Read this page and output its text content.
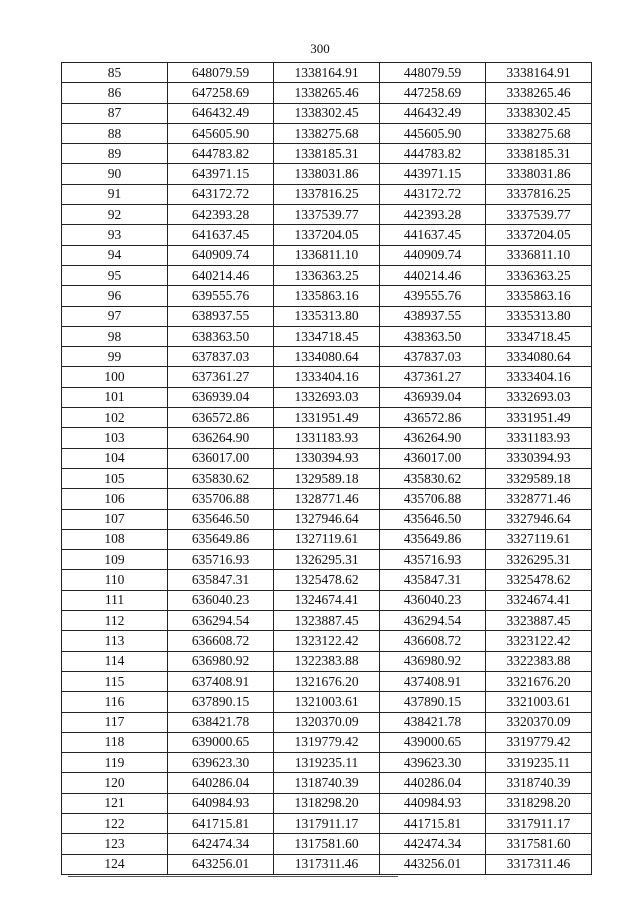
300
85	648079.59	1338164.91	448079.59	3338164.91
86	647258.69	1338265.46	447258.69	3338265.46
87	646432.49	1338302.45	446432.49	3338302.45
88	645605.90	1338275.68	445605.90	3338275.68
89	644783.82	1338185.31	444783.82	3338185.31
90	643971.15	1338031.86	443971.15	3338031.86
91	643172.72	1337816.25	443172.72	3337816.25
92	642393.28	1337539.77	442393.28	3337539.77
93	641637.45	1337204.05	441637.45	3337204.05
94	640909.74	1336811.10	440909.74	3336811.10
95	640214.46	1336363.25	440214.46	3336363.25
96	639555.76	1335863.16	439555.76	3335863.16
97	638937.55	1335313.80	438937.55	3335313.80
98	638363.50	1334718.45	438363.50	3334718.45
99	637837.03	1334080.64	437837.03	3334080.64
100	637361.27	1333404.16	437361.27	3333404.16
101	636939.04	1332693.03	436939.04	3332693.03
102	636572.86	1331951.49	436572.86	3331951.49
103	636264.90	1331183.93	436264.90	3331183.93
104	636017.00	1330394.93	436017.00	3330394.93
105	635830.62	1329589.18	435830.62	3329589.18
106	635706.88	1328771.46	435706.88	3328771.46
107	635646.50	1327946.64	435646.50	3327946.64
108	635649.86	1327119.61	435649.86	3327119.61
109	635716.93	1326295.31	435716.93	3326295.31
110	635847.31	1325478.62	435847.31	3325478.62
111	636040.23	1324674.41	436040.23	3324674.41
112	636294.54	1323887.45	436294.54	3323887.45
113	636608.72	1323122.42	436608.72	3323122.42
114	636980.92	1322383.88	436980.92	3322383.88
115	637408.91	1321676.20	437408.91	3321676.20
116	637890.15	1321003.61	437890.15	3321003.61
117	638421.78	1320370.09	438421.78	3320370.09
118	639000.65	1319779.42	439000.65	3319779.42
119	639623.30	1319235.11	439623.30	3319235.11
120	640286.04	1318740.39	440286.04	3318740.39
121	640984.93	1318298.20	440984.93	3318298.20
122	641715.81	1317911.17	441715.81	3317911.17
123	642474.34	1317581.60	442474.34	3317581.60
124	643256.01	1317311.46	443256.01	3317311.46
